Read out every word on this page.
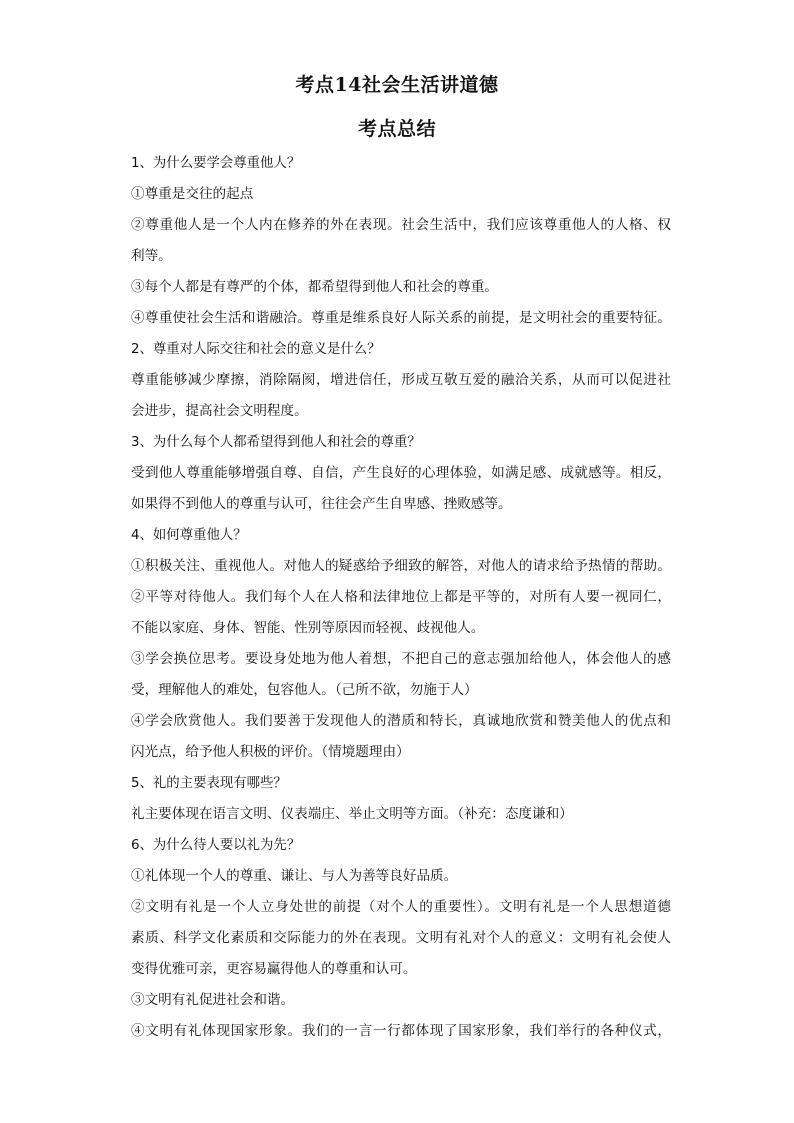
考点14社会生活讲道德
考点总结
1、为什么要学会尊重他人？
①尊重是交往的起点
②尊重他人是一个人内在修养的外在表现。社会生活中，我们应该尊重他人的人格、权
利等。
③每个人都是有尊严的个体，都希望得到他人和社会的尊重。
④尊重使社会生活和谐融洽。尊重是维系良好人际关系的前提，是文明社会的重要特征。
2、尊重对人际交往和社会的意义是什么？
尊重能够减少摩擦，消除隔阂，增进信任，形成互敬互爱的融洽关系，从而可以促进社
会进步，提高社会文明程度。
3、为什么每个人都希望得到他人和社会的尊重？
受到他人尊重能够增强自尊、自信，产生良好的心理体验，如满足感、成就感等。相反，
如果得不到他人的尊重与认可，往往会产生自卑感、挫败感等。
4、如何尊重他人？
①积极关注、重视他人。对他人的疑惑给予细致的解答，对他人的请求给予热情的帮助。
②平等对待他人。我们每个人在人格和法律地位上都是平等的，对所有人要一视同仁，
不能以家庭、身体、智能、性别等原因而轻视、歧视他人。
③学会换位思考。要设身处地为他人着想，不把自己的意志强加给他人，体会他人的感
受，理解他人的难处，包容他人。（己所不欲，勿施于人）
④学会欣赏他人。我们要善于发现他人的潜质和特长，真诚地欣赏和赞美他人的优点和
闪光点，给予他人积极的评价。（情境题理由）
5、礼的主要表现有哪些？
礼主要体现在语言文明、仪表端庄、举止文明等方面。（补充：态度谦和）
6、为什么待人要以礼为先？
①礼体现一个人的尊重、谦让、与人为善等良好品质。
②文明有礼是一个人立身处世的前提（对个人的重要性）。文明有礼是一个人思想道德
素质、科学文化素质和交际能力的外在表现。文明有礼对个人的意义：文明有礼会使人
变得优雅可亲，更容易赢得他人的尊重和认可。
③文明有礼促进社会和谐。
④文明有礼体现国家形象。我们的一言一行都体现了国家形象，我们举行的各种仪式，
